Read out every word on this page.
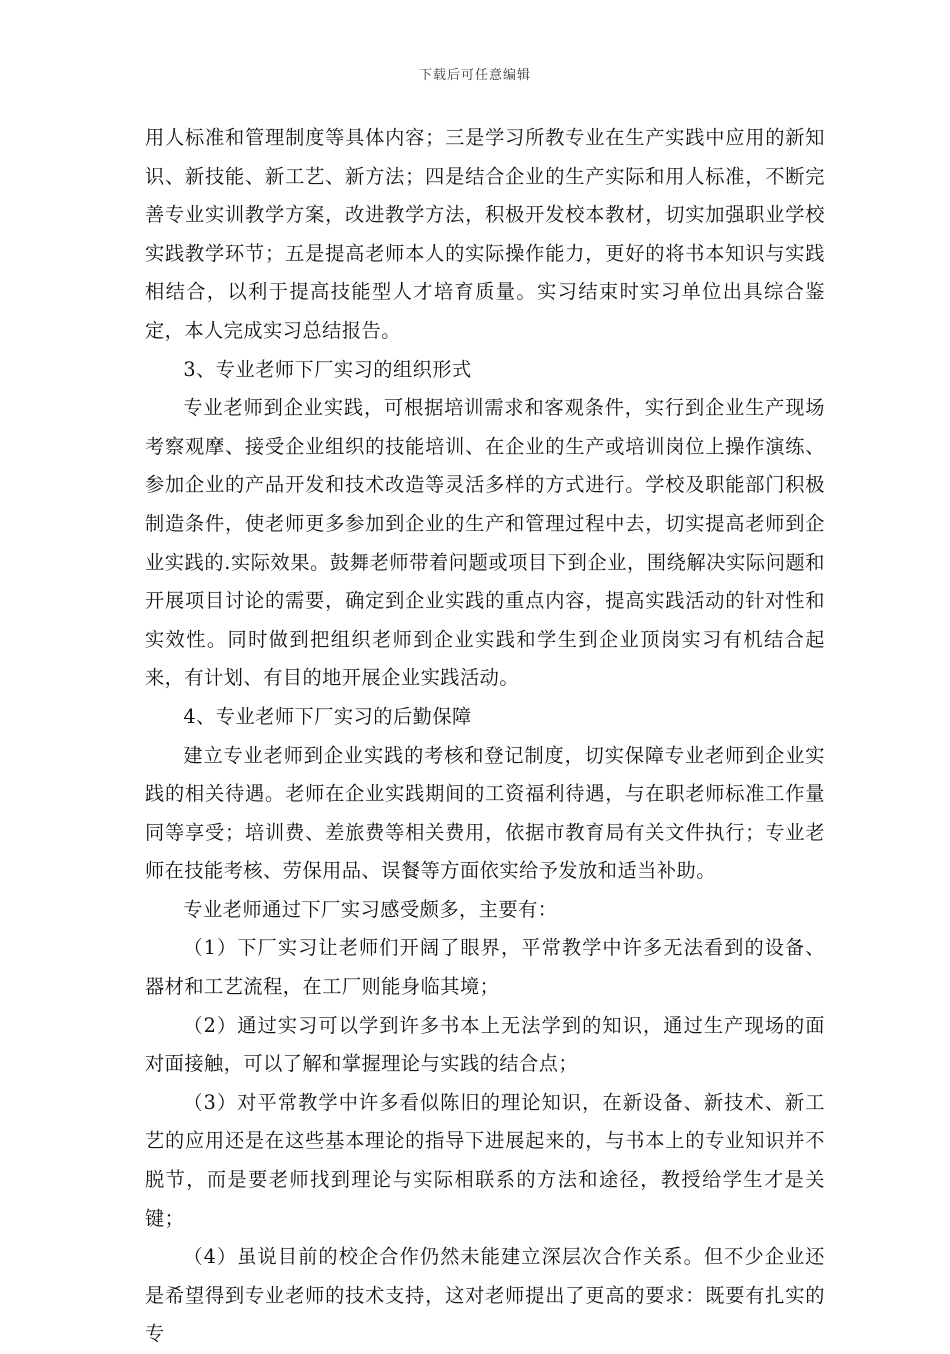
下载后可任意编辑

用人标准和管理制度等具体内容；三是学习所教专业在生产实践中应用的新知识、新技能、新工艺、新方法；四是结合企业的生产实际和用人标准，不断完善专业实训教学方案，改进教学方法，积极开发校本教材，切实加强职业学校实践教学环节；五是提高老师本人的实际操作能力，更好的将书本知识与实践相结合，以利于提高技能型人才培育质量。实习结束时实习单位出具综合鉴定，本人完成实习总结报告。

3、专业老师下厂实习的组织形式

专业老师到企业实践，可根据培训需求和客观条件，实行到企业生产现场考察观摩、接受企业组织的技能培训、在企业的生产或培训岗位上操作演练、参加企业的产品开发和技术改造等灵活多样的方式进行。学校及职能部门积极制造条件，使老师更多参加到企业的生产和管理过程中去，切实提高老师到企业实践的.实际效果。鼓舞老师带着问题或项目下到企业，围绕解决实际问题和开展项目讨论的需要，确定到企业实践的重点内容，提高实践活动的针对性和实效性。同时做到把组织老师到企业实践和学生到企业顶岗实习有机结合起来，有计划、有目的地开展企业实践活动。

4、专业老师下厂实习的后勤保障

建立专业老师到企业实践的考核和登记制度，切实保障专业老师到企业实践的相关待遇。老师在企业实践期间的工资福利待遇，与在职老师标准工作量同等享受；培训费、差旅费等相关费用，依据市教育局有关文件执行；专业老师在技能考核、劳保用品、误餐等方面依实给予发放和适当补助。

专业老师通过下厂实习感受颇多，主要有：

（1）下厂实习让老师们开阔了眼界，平常教学中许多无法看到的设备、器材和工艺流程，在工厂则能身临其境；

（2）通过实习可以学到许多书本上无法学到的知识，通过生产现场的面对面接触，可以了解和掌握理论与实践的结合点；

（3）对平常教学中许多看似陈旧的理论知识，在新设备、新技术、新工艺的应用还是在这些基本理论的指导下进展起来的，与书本上的专业知识并不脱节，而是要老师找到理论与实际相联系的方法和途径，教授给学生才是关键；

（4）虽说目前的校企合作仍然未能建立深层次合作关系。但不少企业还是希望得到专业老师的技术支持，这对老师提出了更高的要求：既要有扎实的专
